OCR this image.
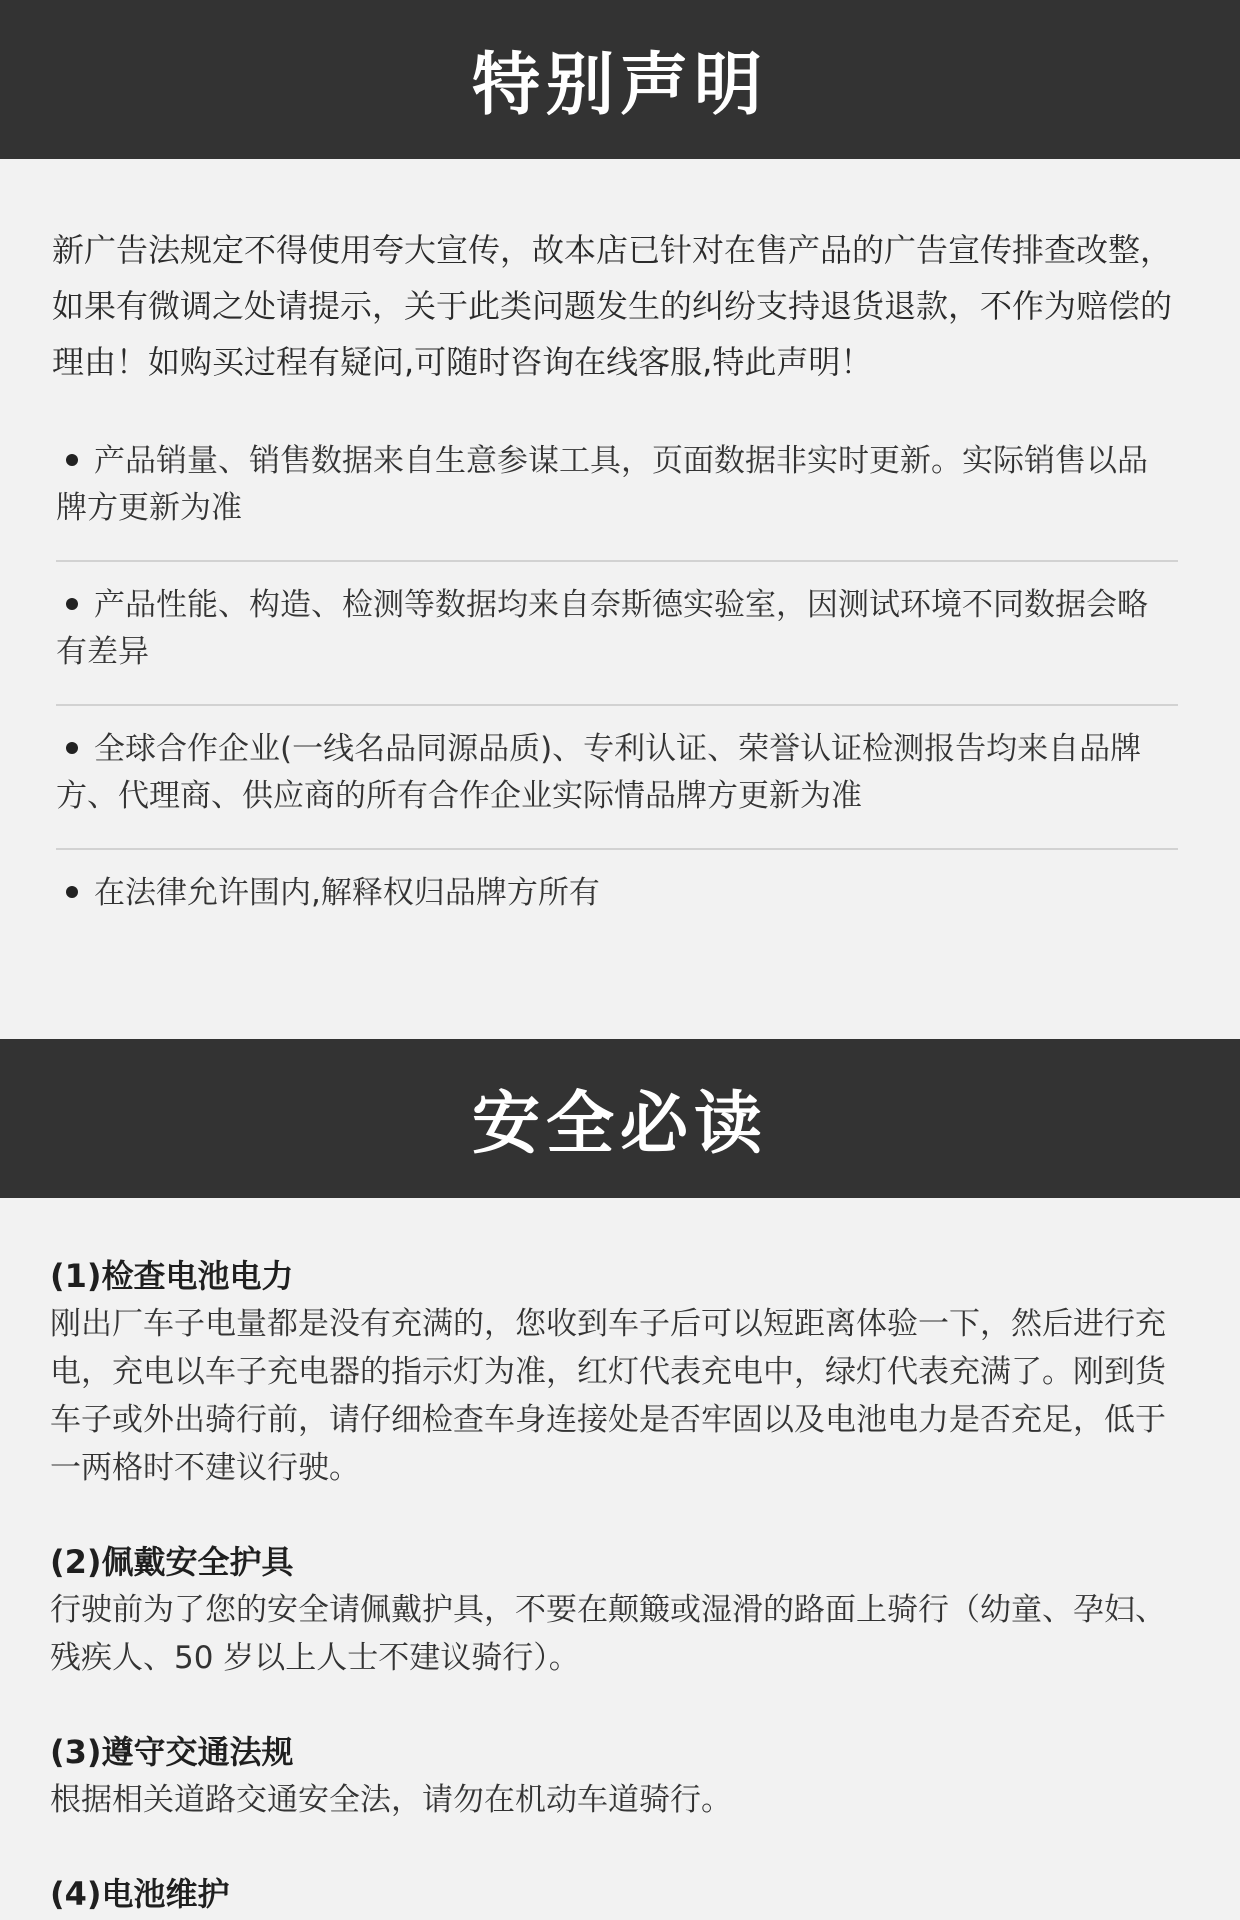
特别声明

新广告法规定不得使用夸大宣传，故本店已针对在售产品的广告宣传排查改整，如果有微调之处请提示，关于此类问题发生的纠纷支持退货退款，不作为赔偿的理由！如购买过程有疑问,可随时咨询在线客服,特此声明！

产品销量、销售数据来自生意参谋工具，页面数据非实时更新。实际销售以品牌方更新为准
产品性能、构造、检测等数据均来自奈斯德实验室，因测试环境不同数据会略有差异
全球合作企业(一线名品同源品质)、专利认证、荣誉认证检测报告均来自品牌方、代理商、供应商的所有合作企业实际情品牌方更新为准
在法律允许围内,解释权归品牌方所有
安全必读

(1)检查电池电力

刚出厂车子电量都是没有充满的，您收到车子后可以短距离体验一下，然后进行充电，充电以车子充电器的指示灯为准，红灯代表充电中，绿灯代表充满了。刚到货车子或外出骑行前，请仔细检查车身连接处是否牢固以及电池电力是否充足，低于一两格时不建议行驶。

(2)佩戴安全护具

行驶前为了您的安全请佩戴护具，不要在颠簸或湿滑的路面上骑行（幼童、孕妇、残疾人、50 岁以上人士不建议骑行）。

(3)遵守交通法规

根据相关道路交通安全法，请勿在机动车道骑行。

(4)电池维护
